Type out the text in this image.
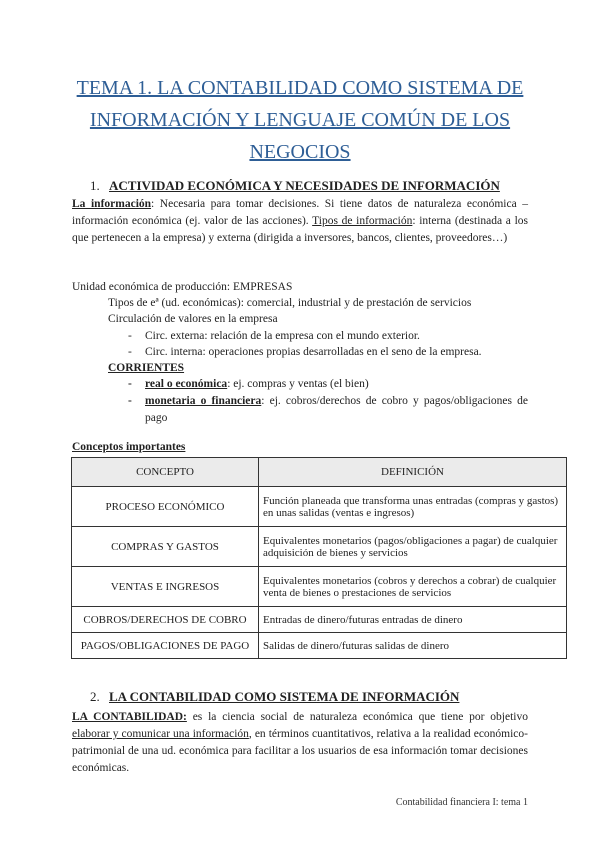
TEMA 1. LA CONTABILIDAD COMO SISTEMA DE INFORMACIÓN Y LENGUAJE COMÚN DE LOS NEGOCIOS
1. ACTIVIDAD ECONÓMICA Y NECESIDADES DE INFORMACIÓN
La información: Necesaria para tomar decisiones. Si tiene datos de naturaleza económica – información económica (ej. valor de las acciones). Tipos de información: interna (destinada a los que pertenecen a la empresa) y externa (dirigida a inversores, bancos, clientes, proveedores…)
Unidad económica de producción: EMPRESAS
Tipos de eª (ud. económicas): comercial, industrial y de prestación de servicios
Circulación de valores en la empresa
- Circ. externa: relación de la empresa con el mundo exterior.
- Circ. interna: operaciones propias desarrolladas en el seno de la empresa.
CORRIENTES
- real o económica: ej. compras y ventas (el bien)
- monetaria o financiera: ej. cobros/derechos de cobro y pagos/obligaciones de pago
Conceptos importantes
CONCEPTO	DEFINICIÓN
PROCESO ECONÓMICO	Función planeada que transforma unas entradas (compras y gastos) en unas salidas (ventas e ingresos)
COMPRAS Y GASTOS	Equivalentes monetarios (pagos/obligaciones a pagar) de cualquier adquisición de bienes y servicios
VENTAS E INGRESOS	Equivalentes monetarios (cobros y derechos a cobrar) de cualquier venta de bienes o prestaciones de servicios
COBROS/DERECHOS DE COBRO	Entradas de dinero/futuras entradas de dinero
PAGOS/OBLIGACIONES DE PAGO	Salidas de dinero/futuras salidas de dinero
2. LA CONTABILIDAD COMO SISTEMA DE INFORMACIÓN
LA CONTABILIDAD: es la ciencia social de naturaleza económica que tiene por objetivo elaborar y comunicar una información, en términos cuantitativos, relativa a la realidad económico-patrimonial de una ud. económica para facilitar a los usuarios de esa información tomar decisiones económicas.
Contabilidad financiera I: tema 1
